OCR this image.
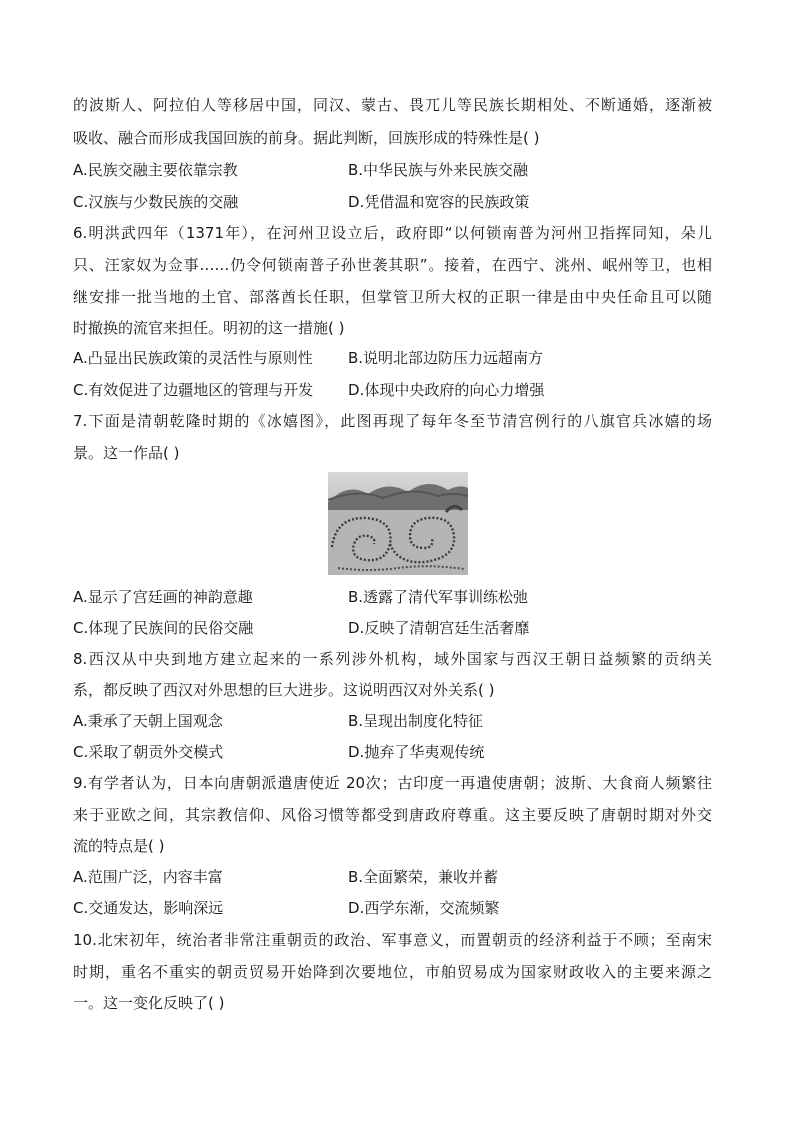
的波斯人、阿拉伯人等移居中国，同汉、蒙古、畏兀儿等民族长期相处、不断通婚，逐渐被
吸收、融合而形成我国回族的前身。据此判断，回族形成的特殊性是( )
A.民族交融主要依靠宗教	B.中华民族与外来民族交融
C.汉族与少数民族的交融	D.凭借温和宽容的民族政策
6.明洪武四年（1371年），在河州卫设立后，政府即“以何锁南普为河州卫指挥同知，朵儿
只、汪家奴为佥事……仍令何锁南普子孙世袭其职”。接着，在西宁、洮州、岷州等卫，也相
继安排一批当地的土官、部落酋长任职，但掌管卫所大权的正职一律是由中央任命且可以随
时撤换的流官来担任。明初的这一措施( )
A.凸显出民族政策的灵活性与原则性 B.说明北部边防压力远超南方
C.有效促进了边疆地区的管理与开发 D.体现中央政府的向心力增强
7.下面是清朝乾隆时期的《冰嬉图》，此图再现了每年冬至节清宫例行的八旗官兵冰嬉的场
景。这一作品( )
A.显示了宫廷画的神韵意趣	B.透露了清代军事训练松弛
C.体现了民族间的民俗交融	D.反映了清朝宫廷生活奢靡
8.西汉从中央到地方建立起来的一系列涉外机构，域外国家与西汉王朝日益频繁的贡纳关
系，都反映了西汉对外思想的巨大进步。这说明西汉对外关系( )
A.秉承了天朝上国观念	B.呈现出制度化特征
C.采取了朝贡外交模式	D.抛弃了华夷观传统
9.有学者认为，日本向唐朝派遣唐使近 20次；古印度一再遣使唐朝；波斯、大食商人频繁往
来于亚欧之间，其宗教信仰、风俗习惯等都受到唐政府尊重。这主要反映了唐朝时期对外交
流的特点是( )
A.范围广泛，内容丰富	B.全面繁荣，兼收并蓄
C.交通发达，影响深远	D.西学东渐，交流频繁
10.北宋初年，统治者非常注重朝贡的政治、军事意义，而置朝贡的经济利益于不顾；至南宋
时期，重名不重实的朝贡贸易开始降到次要地位，市舶贸易成为国家财政收入的主要来源之
一。这一变化反映了( )
